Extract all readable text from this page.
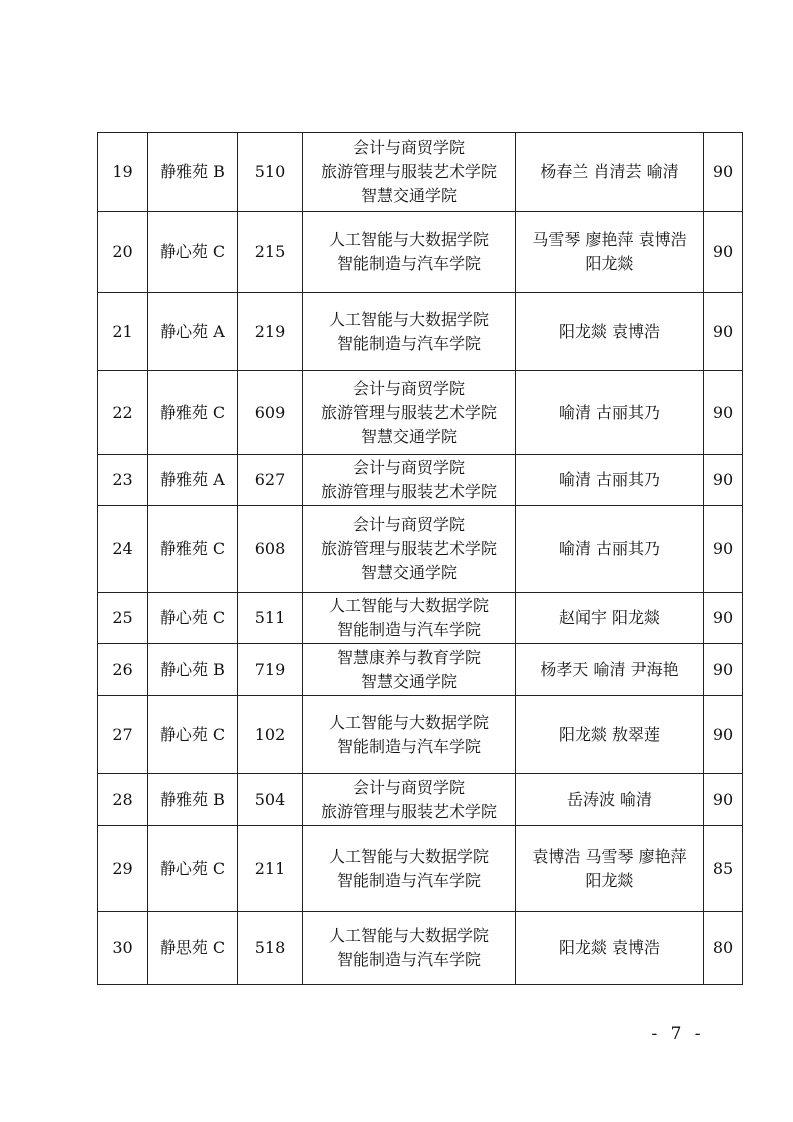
19	静雅苑 B	510	会计与商贸学院
旅游管理与服装艺术学院
智慧交通学院	杨春兰 肖清芸 喻清	90
20	静心苑 C	215	人工智能与大数据学院
智能制造与汽车学院	马雪琴 廖艳萍 袁博浩
阳龙燚	90
21	静心苑 A	219	人工智能与大数据学院
智能制造与汽车学院	阳龙燚 袁博浩	90
22	静雅苑 C	609	会计与商贸学院
旅游管理与服装艺术学院
智慧交通学院	喻清 古丽其乃	90
23	静雅苑 A	627	会计与商贸学院
旅游管理与服装艺术学院	喻清 古丽其乃	90
24	静雅苑 C	608	会计与商贸学院
旅游管理与服装艺术学院
智慧交通学院	喻清 古丽其乃	90
25	静心苑 C	511	人工智能与大数据学院
智能制造与汽车学院	赵闻宇 阳龙燚	90
26	静心苑 B	719	智慧康养与教育学院
智慧交通学院	杨孝天 喻清 尹海艳	90
27	静心苑 C	102	人工智能与大数据学院
智能制造与汽车学院	阳龙燚 敖翠莲	90
28	静雅苑 B	504	会计与商贸学院
旅游管理与服装艺术学院	岳涛波 喻清	90
29	静心苑 C	211	人工智能与大数据学院
智能制造与汽车学院	袁博浩 马雪琴 廖艳萍
阳龙燚	85
30	静思苑 C	518	人工智能与大数据学院
智能制造与汽车学院	阳龙燚 袁博浩	80
- 7 -
